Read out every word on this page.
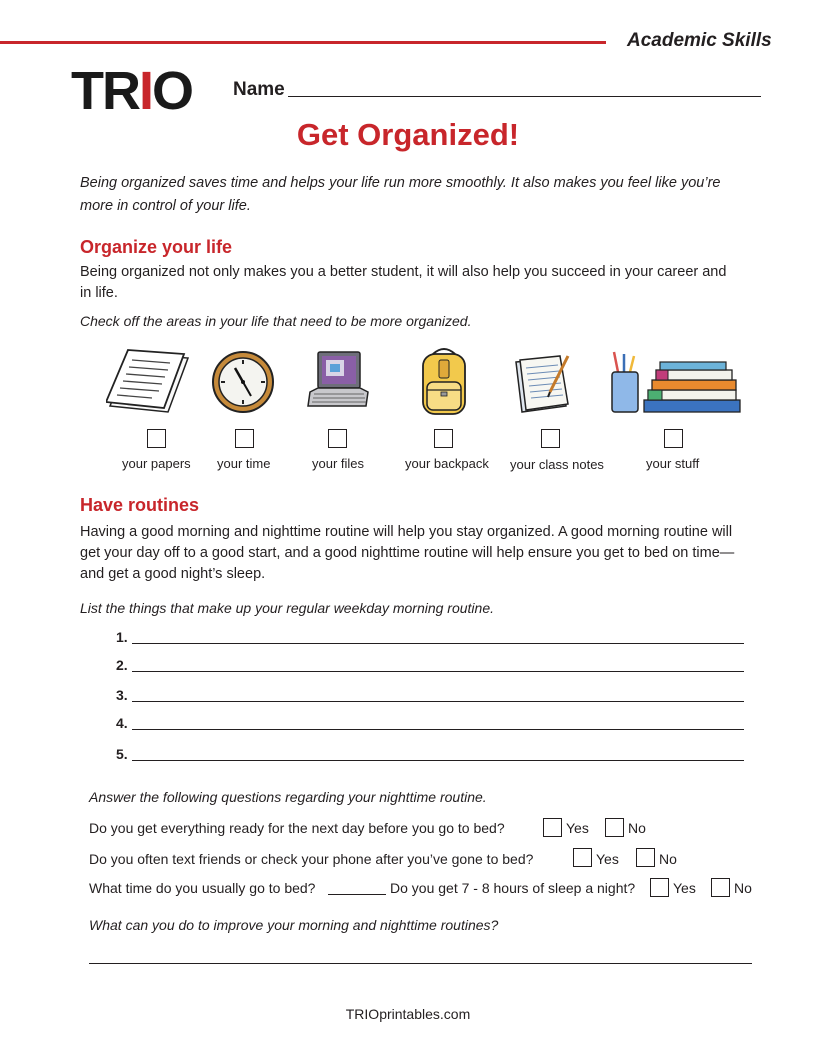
Academic Skills
TRIO Name
Get Organized!
Being organized saves time and helps your life run more smoothly. It also makes you feel like you’re more in control of your life.
Organize your life
Being organized not only makes you a better student, it will also help you succeed in your career and in life.
Check off the areas in your life that need to be more organized.
your papers your time	your files	your backpack your class notes	your stuff
Have routines
Having a good morning and nighttime routine will help you stay organized. A good morning routine will get your day off to a good start, and a good nighttime routine will help ensure you get to bed on time—and get a good night’s sleep.
List the things that make up your regular weekday morning routine.
1.
2.
3.
4.
5.
Answer the following questions regarding your nighttime routine.
Do you get everything ready for the next day before you go to bed?	Yes	No
Do you often text friends or check your phone after you’ve gone to bed?	Yes	No
What time do you usually go to bed?	Do you get 7 - 8 hours of sleep a night?	Yes	No
What can you do to improve your morning and nighttime routines?
TRIOprintables.com
